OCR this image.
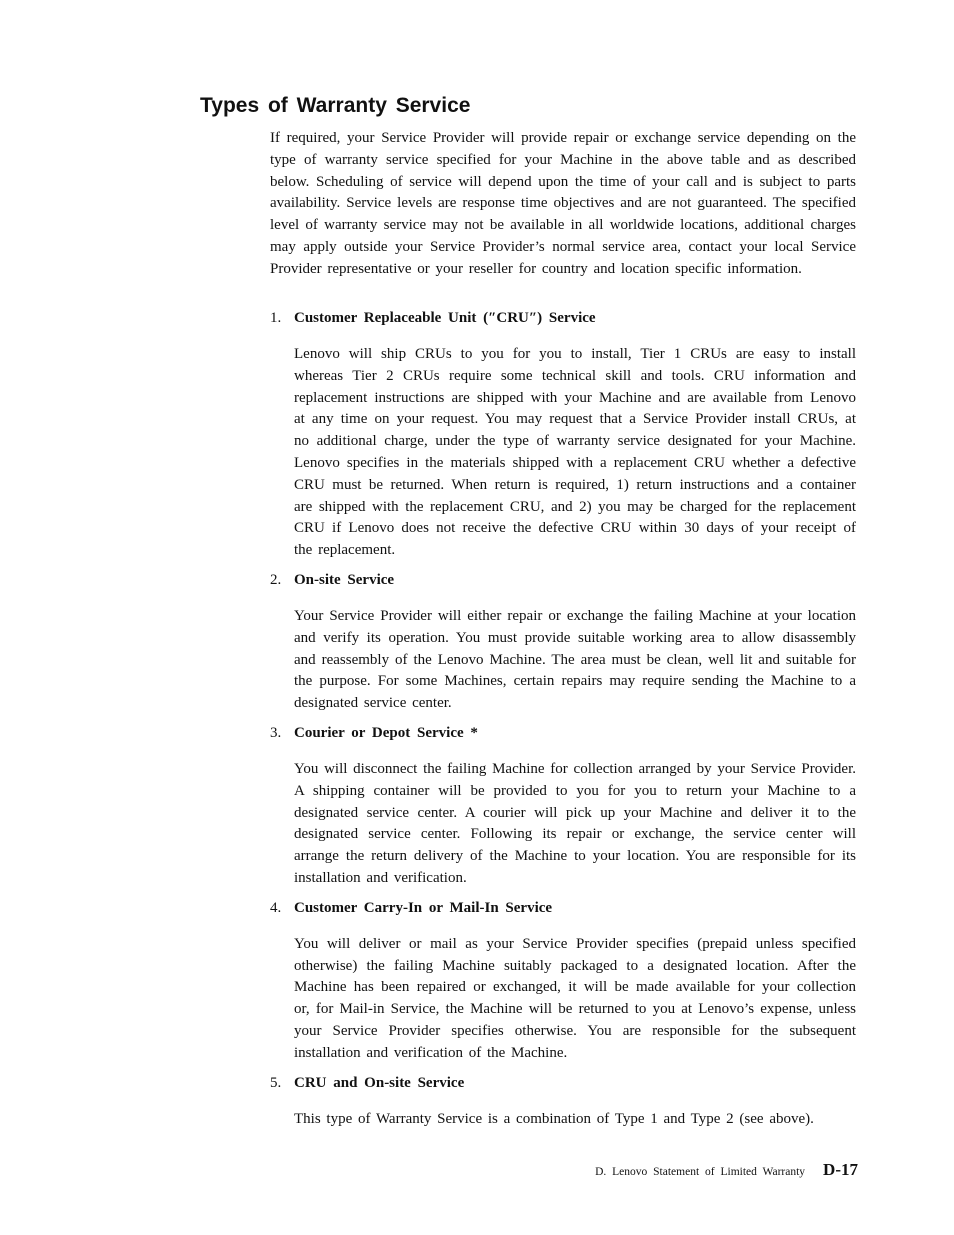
Types of Warranty Service

If required, your Service Provider will provide repair or exchange service depending on the type of warranty service specified for your Machine in the above table and as described below. Scheduling of service will depend upon the time of your call and is subject to parts availability. Service levels are response time objectives and are not guaranteed. The specified level of warranty service may not be available in all worldwide locations, additional charges may apply outside your Service Provider’s normal service area, contact your local Service Provider representative or your reseller for country and location specific information.

1. Customer Replaceable Unit (″CRU″) Service

Lenovo will ship CRUs to you for you to install, Tier 1 CRUs are easy to install whereas Tier 2 CRUs require some technical skill and tools. CRU information and replacement instructions are shipped with your Machine and are available from Lenovo at any time on your request. You may request that a Service Provider install CRUs, at no additional charge, under the type of warranty service designated for your Machine. Lenovo specifies in the materials shipped with a replacement CRU whether a defective CRU must be returned. When return is required, 1) return instructions and a container are shipped with the replacement CRU, and 2) you may be charged for the replacement CRU if Lenovo does not receive the defective CRU within 30 days of your receipt of the replacement.

2. On-site Service

Your Service Provider will either repair or exchange the failing Machine at your location and verify its operation. You must provide suitable working area to allow disassembly and reassembly of the Lenovo Machine. The area must be clean, well lit and suitable for the purpose. For some Machines, certain repairs may require sending the Machine to a designated service center.

3. Courier or Depot Service *

You will disconnect the failing Machine for collection arranged by your Service Provider. A shipping container will be provided to you for you to return your Machine to a designated service center. A courier will pick up your Machine and deliver it to the designated service center. Following its repair or exchange, the service center will arrange the return delivery of the Machine to your location. You are responsible for its installation and verification.

4. Customer Carry-In or Mail-In Service

You will deliver or mail as your Service Provider specifies (prepaid unless specified otherwise) the failing Machine suitably packaged to a designated location. After the Machine has been repaired or exchanged, it will be made available for your collection or, for Mail-in Service, the Machine will be returned to you at Lenovo’s expense, unless your Service Provider specifies otherwise. You are responsible for the subsequent installation and verification of the Machine.

5. CRU and On-site Service

This type of Warranty Service is a combination of Type 1 and Type 2 (see above).

D. Lenovo Statement of Limited Warranty D-17
